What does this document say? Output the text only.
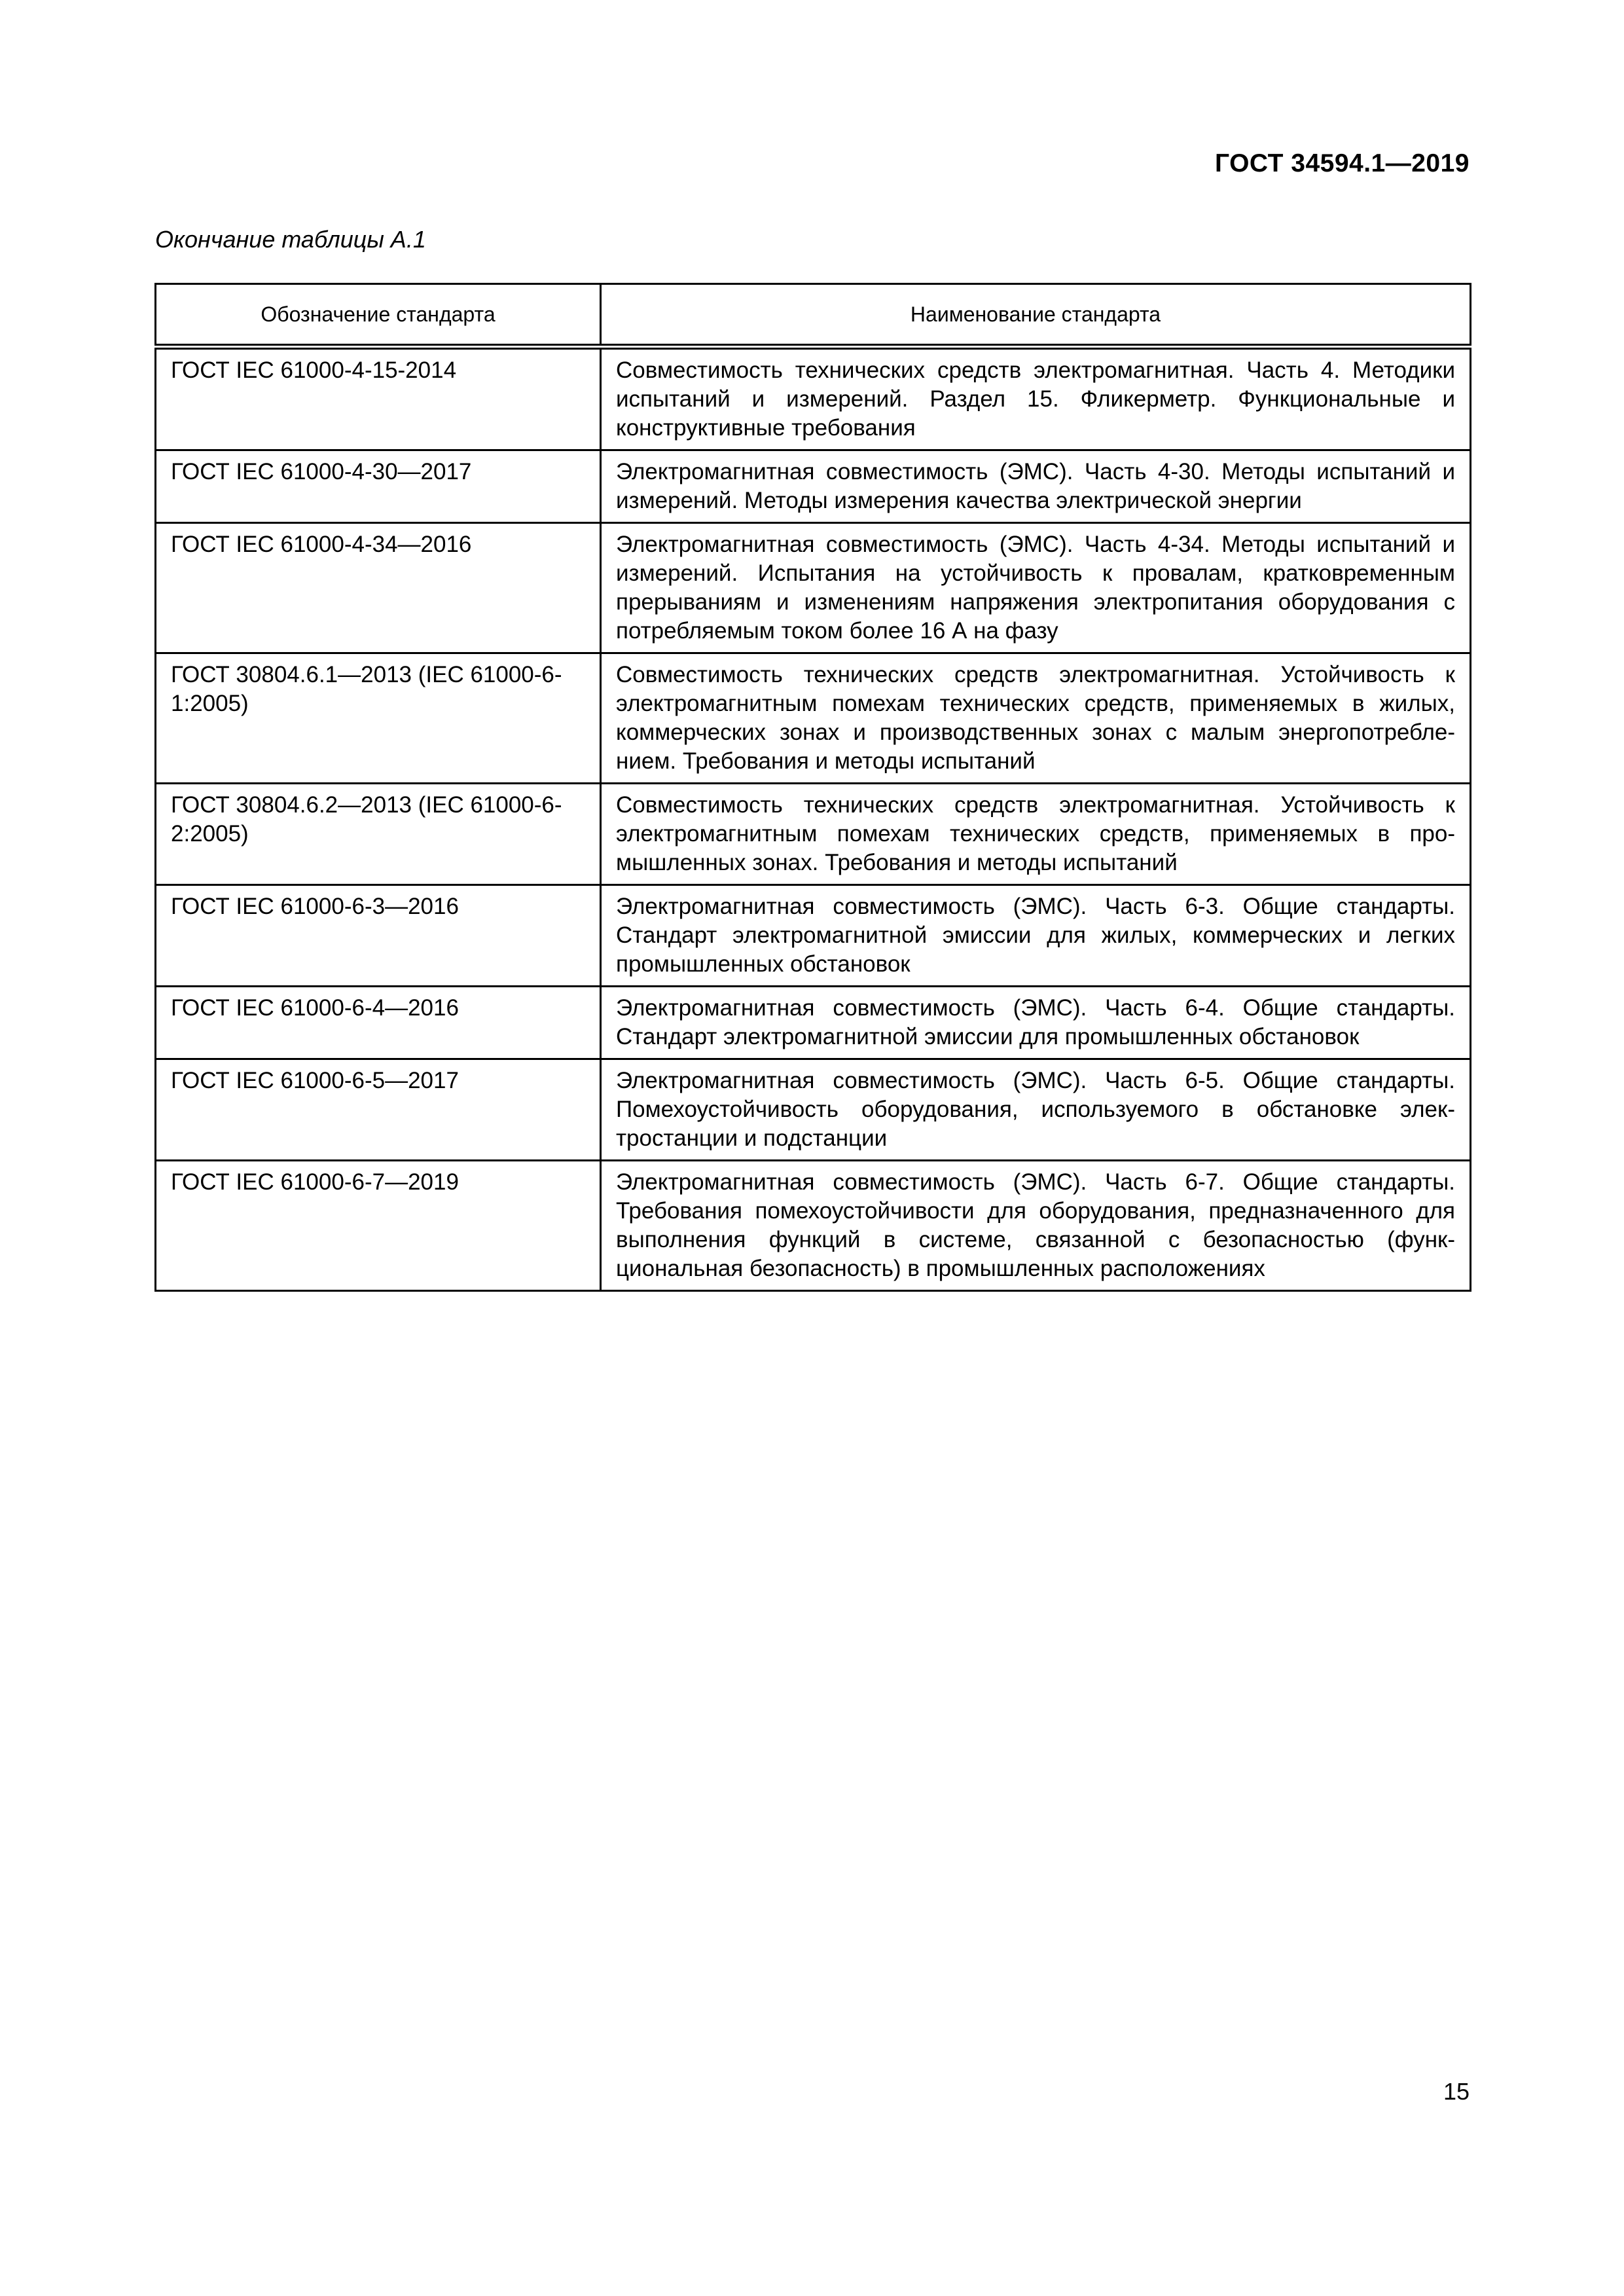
ГОСТ 34594.1—2019
Окончание таблицы А.1
Обозначение стандарта	Наименование стандарта
ГОСТ IEC 61000-4-15-2014	Совместимость технических средств электромагнитная. Часть 4. Методики испытаний и измерений. Раздел 15. Фликерметр. Функциональные и конструктивные требования
ГОСТ IEC 61000-4-30—2017	Электромагнитная совместимость (ЭМС). Часть 4-30. Методы испытаний и измерений. Методы измерения качества электрической энергии
ГОСТ IEC 61000-4-34—2016	Электромагнитная совместимость (ЭМС). Часть 4-34. Методы испытаний и измерений. Испытания на устойчивость к провалам, кратковременным прерываниям и изменениям напряжения электропитания оборудования с потребляемым током более 16 А на фазу
ГОСТ 30804.6.1—2013 (IEC 61000-6-1:2005)	Совместимость технических средств электромагнитная. Устойчивость к электромагнитным помехам технических средств, применяемых в жилых, коммерческих зонах и производственных зонах с малым энергопотреблением. Требования и методы испытаний
ГОСТ 30804.6.2—2013 (IEC 61000-6-2:2005)	Совместимость технических средств электромагнитная. Устойчивость к электромагнитным помехам технических средств, применяемых в промышленных зонах. Требования и методы испытаний
ГОСТ IEC 61000-6-3—2016	Электромагнитная совместимость (ЭМС). Часть 6-3. Общие стандарты. Стандарт электромагнитной эмиссии для жилых, коммерческих и легких промышленных обстановок
ГОСТ IEC 61000-6-4—2016	Электромагнитная совместимость (ЭМС). Часть 6-4. Общие стандарты. Стандарт электромагнитной эмиссии для промышленных обстановок
ГОСТ IEC 61000-6-5—2017	Электромагнитная совместимость (ЭМС). Часть 6-5. Общие стандарты. Помехоустойчивость оборудования, используемого в обстановке электростанции и подстанции
ГОСТ IEC 61000-6-7—2019	Электромагнитная совместимость (ЭМС). Часть 6-7. Общие стандарты. Требования помехоустойчивости для оборудования, предназначенного для выполнения функций в системе, связанной с безопасностью (функциональная безопасность) в промышленных расположениях
15
